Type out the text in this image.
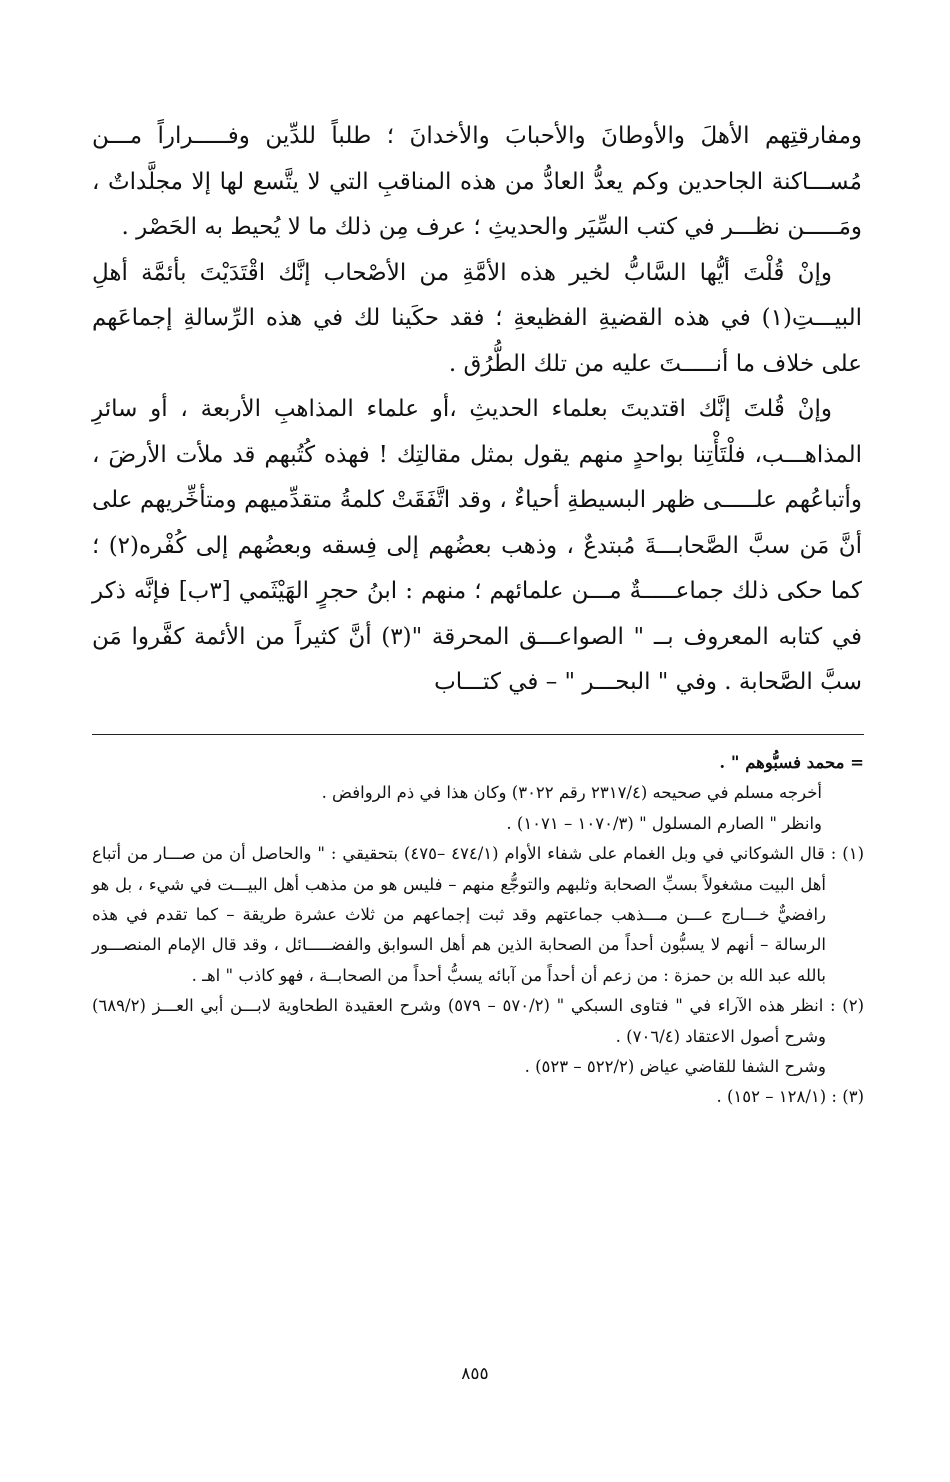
ومفارقتِهم الأهلَ والأوطانَ والأحبابَ والأخدانَ ؛ طلباً للدِّين وفـــــراراً مـــن مُســـاكنة الجاحدين وكم يعدُّ العادُّ من هذه المناقبِ التي لا يتَّسع لها إلا مجلَّداتٌ ، ومَـــــن نظـــر في كتب السِّيَر والحديثِ ؛ عرف مِن ذلك ما لا يُحيط به الحَصْر .

وإنْ قُلْتَ أيُّها السَّابُّ لخير هذه الأمَّةِ من الأصْحاب إنَّك اقْتَدَيْتَ بأئمَّة أهلِ البيـــتِ(١) في هذه القضيةِ الفظيعةِ ؛ فقد حكَينا لك في هذه الرِّسالةِ إجماعَهم على خلاف ما أنـــــتَ عليه من تلك الطُّرُق .

وإنْ قُلتَ إنَّك اقتديتَ بعلماء الحديثِ ،أو علماء المذاهبِ الأربعة ، أو سائرِ المذاهـــب، فلْتَأْتِنا بواحدٍ منهم يقول بمثل مقالتِك ! فهذه كُتُبهم قد ملأت الأرضَ ، وأتباعُهم علـــــى ظهر البسيطةِ أحياءٌ ، وقد اتَّفَقَتْ كلمةُ متقدِّميهم ومتأخِّريهم على أنَّ مَن سبَّ الصَّحابـــةَ مُبتدعٌ ، وذهب بعضُهم إلى فِسقه وبعضُهم إلى كُفْره(٢) ؛ كما حكى ذلك جماعـــــةٌ مـــن علمائهم ؛ منهم : ابنُ حجرٍ الهَيْثَمي [٣ب] فإنَّه ذكر في كتابه المعروف بــ " الصواعـــق المحرقة "(٣) أنَّ كثيراً من الأئمة كفَّروا مَن سبَّ الصَّحابة . وفي " البحـــر " – في كتـــاب

= محمد فسبُّوهم " .

أخرجه مسلم في صحيحه (٢٣١٧/٤ رقم ٣٠٢٢) وكان هذا في ذم الروافض .

وانظر " الصارم المسلول " (١٠٧٠/٣ – ١٠٧١) .

(١) : قال الشوكاني في وبل الغمام على شفاء الأوام (٤٧٤/١ –٤٧٥) بتحقيقي : " والحاصل أن من صـــار من أتباع أهل البيت مشغولاً بسبِّ الصحابة وثلبهم والتوجُّع منهم – فليس هو من مذهب أهل البيـــت في شيء ، بل هو رافضيٌّ خـــارج عـــن مـــذهب جماعتهم وقد ثبت إجماعهم من ثلاث عشرة طريقة – كما تقدم في هذه الرسالة – أنهم لا يسبُّون أحداً من الصحابة الذين هم أهل السوابق والفضـــــائل ، وقد قال الإمام المنصـــور بالله عبد الله بن حمزة : من زعم أن أحداً من آبائه يسبُّ أحداً من الصحابــة ، فهو كاذب " اهـ .

(٢) : انظر هذه الآراء في " فتاوى السبكي " (٥٧٠/٢ – ٥٧٩) وشرح العقيدة الطحاوية لابـــن أبي العـــز (٦٨٩/٢) وشرح أصول الاعتقاد (٧٠٦/٤) .

وشرح الشفا للقاضي عياض (٥٢٢/٢ – ٥٢٣) .

(٣) : (١٢٨/١ – ١٥٢) .

٨٥٥
